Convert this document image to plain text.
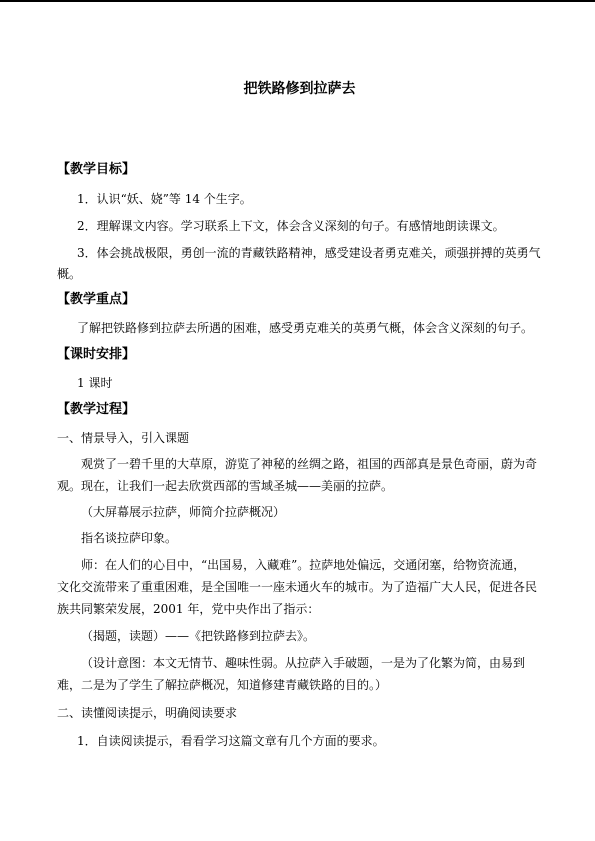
把铁路修到拉萨去
【教学目标】
1．认识“妖、娆”等 14 个生字。
2．理解课文内容。学习联系上下文，体会含义深刻的句子。有感情地朗读课文。
3．体会挑战极限，勇创一流的青藏铁路精神，感受建设者勇克难关，顽强拼搏的英勇气
概。
【教学重点】
了解把铁路修到拉萨去所遇的困难，感受勇克难关的英勇气概，体会含义深刻的句子。
【课时安排】
1 课时
【教学过程】
一、情景导入，引入课题
观赏了一碧千里的大草原，游览了神秘的丝绸之路，祖国的西部真是景色奇丽，蔚为奇
观。现在，让我们一起去欣赏西部的雪域圣城——美丽的拉萨。
（大屏幕展示拉萨，师简介拉萨概况）
指名谈拉萨印象。
师：在人们的心目中，“出国易，入藏难”。拉萨地处偏远，交通闭塞，给物资流通，
文化交流带来了重重困难，是全国唯一一座未通火车的城市。为了造福广大人民，促进各民
族共同繁荣发展，2001 年，党中央作出了指示：
（揭题，读题）——《把铁路修到拉萨去》。
（设计意图：本文无情节、趣味性弱。从拉萨入手破题，一是为了化繁为简，由易到
难，二是为了学生了解拉萨概况，知道修建青藏铁路的目的。）
二、读懂阅读提示，明确阅读要求
1．自读阅读提示，看看学习这篇文章有几个方面的要求。
